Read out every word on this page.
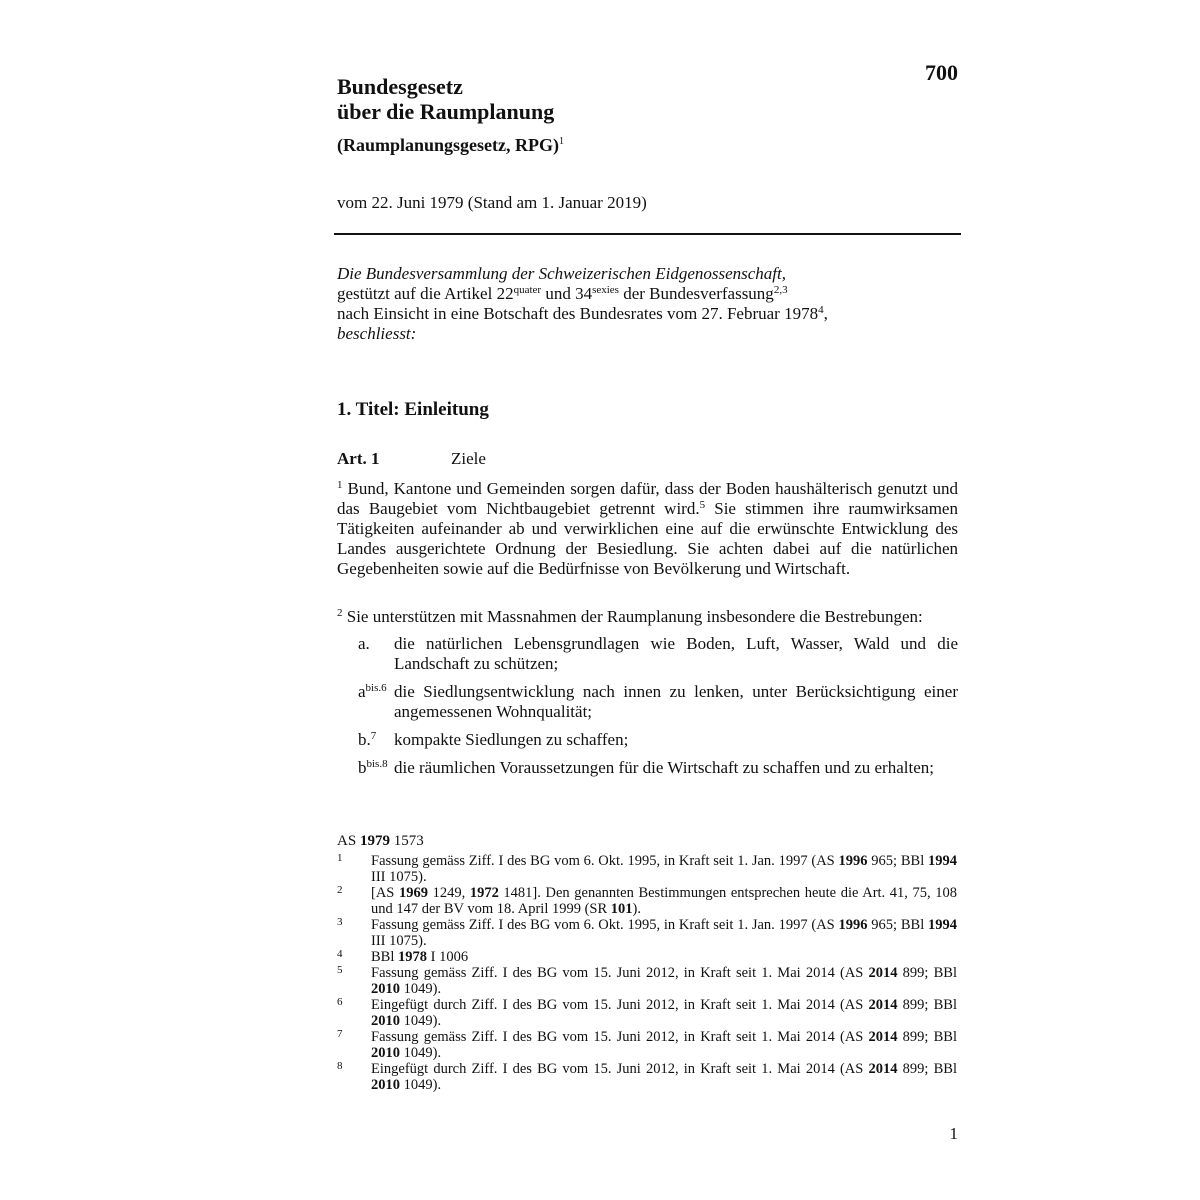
700
Bundesgesetz
über die Raumplanung
(Raumplanungsgesetz, RPG)$^1$
vom 22. Juni 1979 (Stand am 1. Januar 2019)
Die Bundesversammlung der Schweizerischen Eidgenossenschaft,
gestützt auf die Artikel $22^{quater}$ und $34^{sexies}$ der Bundesverfassung$^{2,3}$
nach Einsicht in eine Botschaft des Bundesrates vom 27. Februar 1978$^4$,
beschliesst:
1. Titel: Einleitung
Art. 1	Ziele
$^1$ Bund, Kantone und Gemeinden sorgen dafür, dass der Boden haushälterisch genutzt und das Baugebiet vom Nichtbaugebiet getrennt wird.$^5$ Sie stimmen ihre raumwirksamen Tätigkeiten aufeinander ab und verwirklichen eine auf die erwünschte Entwicklung des Landes ausgerichtete Ordnung der Besiedlung. Sie achten dabei auf die natürlichen Gegebenheiten sowie auf die Bedürfnisse von Bevölkerung und Wirtschaft.
$^2$ Sie unterstützen mit Massnahmen der Raumplanung insbesondere die Bestrebungen:
a. die natürlichen Lebensgrundlagen wie Boden, Luft, Wasser, Wald und die Landschaft zu schützen;
$a^{bis.6}$ die Siedlungsentwicklung nach innen zu lenken, unter Berücksichtigung einer angemessenen Wohnqualität;
b.$^7$ kompakte Siedlungen zu schaffen;
$b^{bis.8}$ die räumlichen Voraussetzungen für die Wirtschaft zu schaffen und zu erhalten;
AS 1979 1573
1 Fassung gemäss Ziff. I des BG vom 6. Okt. 1995, in Kraft seit 1. Jan. 1997 (AS 1996 965; BBl 1994 III 1075).
2 [AS 1969 1249, 1972 1481]. Den genannten Bestimmungen entsprechen heute die Art. 41, 75, 108 und 147 der BV vom 18. April 1999 (SR 101).
3 Fassung gemäss Ziff. I des BG vom 6. Okt. 1995, in Kraft seit 1. Jan. 1997 (AS 1996 965; BBl 1994 III 1075).
4 BBl 1978 I 1006
5 Fassung gemäss Ziff. I des BG vom 15. Juni 2012, in Kraft seit 1. Mai 2014 (AS 2014 899; BBl 2010 1049).
6 Eingefügt durch Ziff. I des BG vom 15. Juni 2012, in Kraft seit 1. Mai 2014 (AS 2014 899; BBl 2010 1049).
7 Fassung gemäss Ziff. I des BG vom 15. Juni 2012, in Kraft seit 1. Mai 2014 (AS 2014 899; BBl 2010 1049).
8 Eingefügt durch Ziff. I des BG vom 15. Juni 2012, in Kraft seit 1. Mai 2014 (AS 2014 899; BBl 2010 1049).
1
